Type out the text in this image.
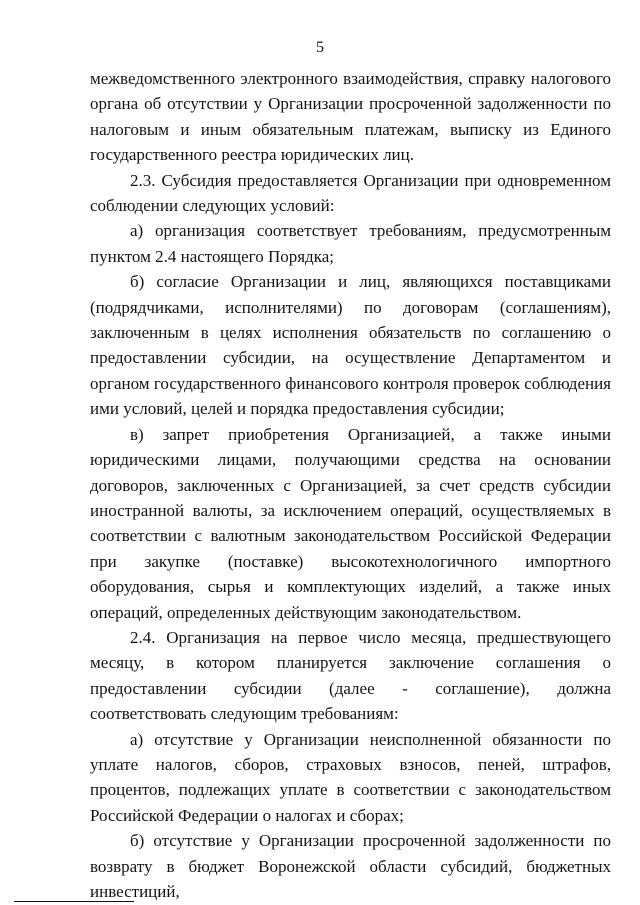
5

межведомственного электронного взаимодействия, справку налогового органа об отсутствии у Организации просроченной задолженности по налоговым и иным обязательным платежам, выписку из Единого государственного реестра юридических лиц.

2.3. Субсидия предоставляется Организации при одновременном соблюдении следующих условий:

а) организация соответствует требованиям, предусмотренным пунктом 2.4 настоящего Порядка;

б) согласие Организации и лиц, являющихся поставщиками (подрядчиками, исполнителями) по договорам (соглашениям), заключенным в целях исполнения обязательств по соглашению о предоставлении субсидии, на осуществление Департаментом и органом государственного финансового контроля проверок соблюдения ими условий, целей и порядка предоставления субсидии;

в) запрет приобретения Организацией, а также иными юридическими лицами, получающими средства на основании договоров, заключенных с Организацией, за счет средств субсидии иностранной валюты, за исключением операций, осуществляемых в соответствии с валютным законодательством Российской Федерации при закупке (поставке) высокотехнологичного импортного оборудования, сырья и комплектующих изделий, а также иных операций, определенных действующим законодательством.

2.4. Организация на первое число месяца, предшествующего месяцу, в котором планируется заключение соглашения о предоставлении субсидии (далее - соглашение), должна соответствовать следующим требованиям:

а) отсутствие у Организации неисполненной обязанности по уплате налогов, сборов, страховых взносов, пеней, штрафов, процентов, подлежащих уплате в соответствии с законодательством Российской Федерации о налогах и сборах;

б) отсутствие у Организации просроченной задолженности по возврату в бюджет Воронежской области субсидий, бюджетных инвестиций,
